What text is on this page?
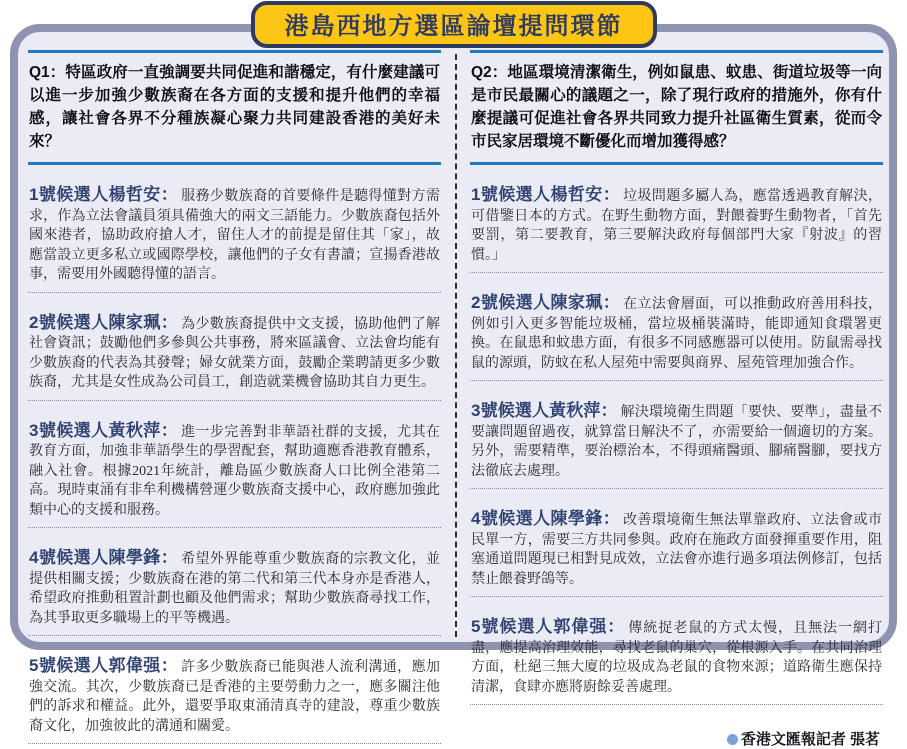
港島西地方選區論壇提問環節
Q1：特區政府一直強調要共同促進和諧穩定，有什麼建議可以進一步加強少數族裔在各方面的支援和提升他們的幸福感，讓社會各界不分種族凝心聚力共同建設香港的美好未來？

1號候選人楊哲安： 服務少數族裔的首要條件是聽得懂對方需求，作為立法會議員須具備強大的兩文三語能力。少數族裔包括外國來港者，協助政府搶人才，留住人才的前提是留住其「家」，故應當設立更多私立或國際學校，讓他們的子女有書讀；宣揚香港故事，需要用外國聽得懂的語言。

2號候選人陳家珮： 為少數族裔提供中文支援，協助他們了解社會資訊；鼓勵他們多參與公共事務，將來區議會、立法會均能有少數族裔的代表為其發聲；婦女就業方面，鼓勵企業聘請更多少數族裔，尤其是女性成為公司員工，創造就業機會協助其自力更生。

3號候選人黃秋萍： 進一步完善對非華語社群的支援，尤其在教育方面，加強非華語學生的學習配套，幫助適應香港教育體系，融入社會。根據2021年統計，離島區少數族裔人口比例全港第二高。現時東涌有非牟利機構營運少數族裔支援中心，政府應加強此類中心的支援和服務。

4號候選人陳學鋒： 希望外界能尊重少數族裔的宗教文化，並提供相關支援；少數族裔在港的第二代和第三代本身亦是香港人，希望政府推動租置計劃也顧及他們需求；幫助少數族裔尋找工作，為其爭取更多職場上的平等機遇。

5號候選人郭偉强： 許多少數族裔已能與港人流利溝通，應加強交流。其次，少數族裔已是香港的主要勞動力之一，應多關注他們的訴求和權益。此外，還要爭取東涌清真寺的建設，尊重少數族裔文化，加強彼此的溝通和關愛。

Q2：地區環境清潔衛生，例如鼠患、蚊患、街道垃圾等一向是市民最關心的議題之一，除了現行政府的措施外，你有什麼提議可促進社會各界共同致力提升社區衛生質素，從而令市民家居環境不斷優化而增加獲得感？

1號候選人楊哲安： 垃圾問題多屬人為，應當透過教育解決，可借鑒日本的方式。在野生動物方面，對餵養野生動物者，「首先要罰，第二要教育，第三要解決政府每個部門大家『射波』的習慣。」

2號候選人陳家珮： 在立法會層面，可以推動政府善用科技，例如引入更多智能垃圾桶，當垃圾桶裝滿時，能即通知食環署更換。在鼠患和蚊患方面，有很多不同感應器可以使用。防鼠需尋找鼠的源頭，防蚊在私人屋苑中需要與商界、屋苑管理加強合作。

3號候選人黃秋萍： 解決環境衛生問題「要快、要準」，盡量不要讓問題留過夜，就算當日解決不了，亦需要給一個適切的方案。另外，需要精準，要治標治本，不得頭痛醫頭、腳痛醫腳，要找方法徹底去處理。

4號候選人陳學鋒： 改善環境衛生無法單靠政府、立法會或市民單一方，需要三方共同參與。政府在施政方面發揮重要作用，阻塞通道問題現已相對見成效，立法會亦進行過多項法例修訂，包括禁止餵養野鴿等。

5號候選人郭偉强： 傳統捉老鼠的方式太慢，且無法一網打盡，應提高治理效能，尋找老鼠的巢穴，從根源入手。在共同治理方面，杜絕三無大廈的垃圾成為老鼠的食物來源；道路衛生應保持清潔，食肆亦應將廚餘妥善處理。

香港文匯報記者 張茗
